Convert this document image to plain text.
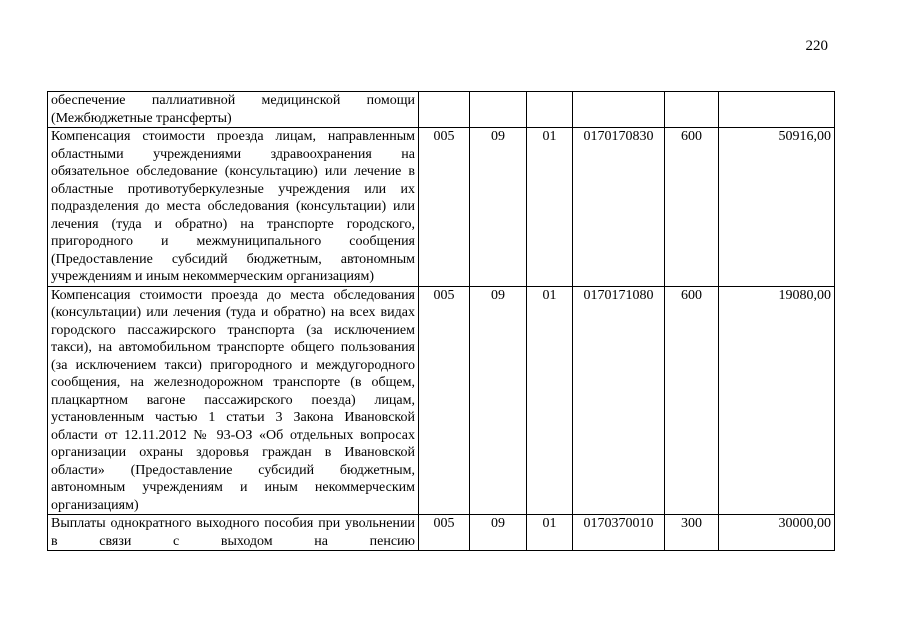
220
обеспечение паллиативной медицинской помощи (Межбюджетные трансферты)						
Компенсация стоимости проезда лицам, направленным областными учреждениями здравоохранения на обязательное обследование (консультацию) или лечение в областные противотуберкулезные учреждения или их подразделения до места обследования (консультации) или лечения (туда и обратно) на транспорте городского, пригородного и межмуниципального сообщения (Предоставление субсидий бюджетным, автономным учреждениям и иным некоммерческим организациям)	005	09	01	0170170830	600	50916,00
Компенсация стоимости проезда до места обследования (консультации) или лечения (туда и обратно) на всех видах городского пассажирского транспорта (за исключением такси), на автомобильном транспорте общего пользования (за исключением такси) пригородного и междугородного сообщения, на железнодорожном транспорте (в общем, плацкартном вагоне пассажирского поезда) лицам, установленным частью 1 статьи 3 Закона Ивановской области от 12.11.2012 № 93-ОЗ «Об отдельных вопросах организации охраны здоровья граждан в Ивановской области» (Предоставление субсидий бюджетным, автономным учреждениям и иным некоммерческим организациям)	005	09	01	0170171080	600	19080,00
Выплаты однократного выходного пособия при увольнении в связи с выходом на пенсию	005	09	01	0170370010	300	30000,00
